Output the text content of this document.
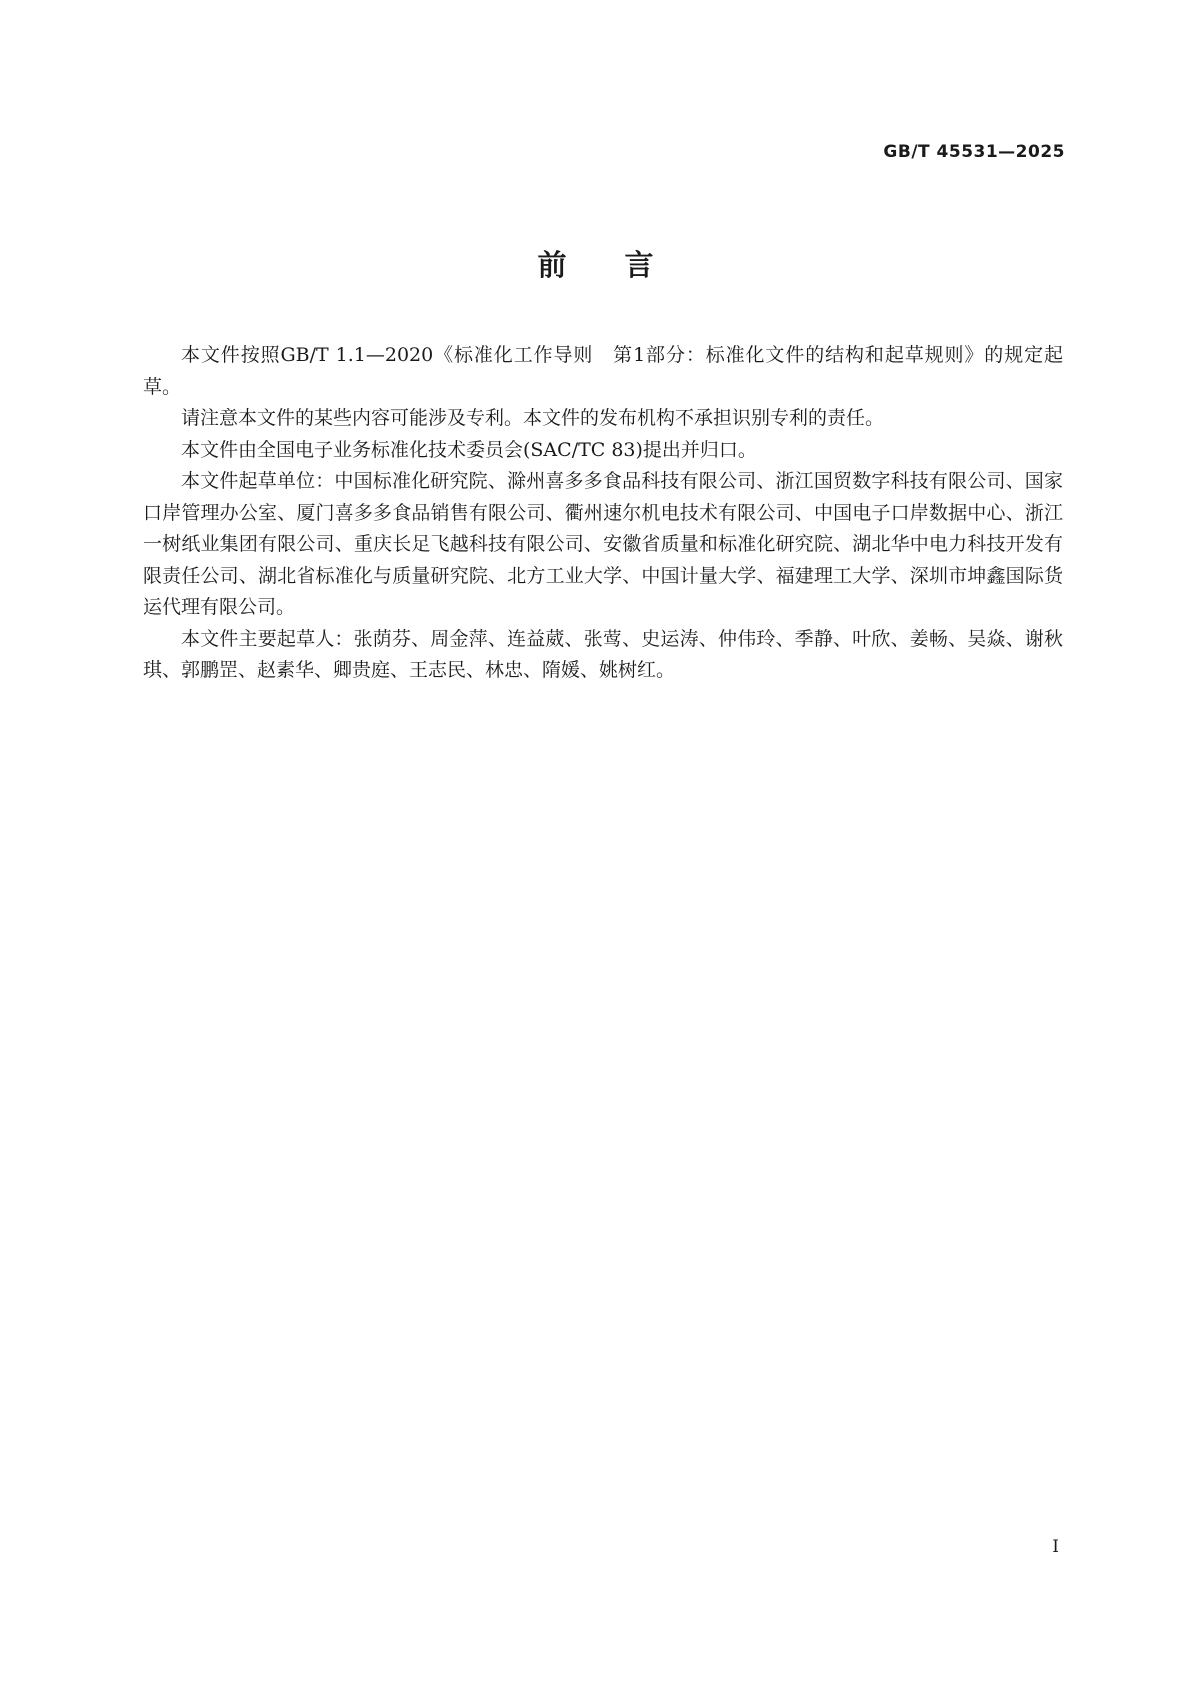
GB/T 45531—2025
前言

本文件按照GB/T 1.1—2020《标准化工作导则　第1部分：标准化文件的结构和起草规则》的规定起草。

请注意本文件的某些内容可能涉及专利。本文件的发布机构不承担识别专利的责任。

本文件由全国电子业务标准化技术委员会(SAC/TC 83)提出并归口。

本文件起草单位：中国标准化研究院、滁州喜多多食品科技有限公司、浙江国贸数字科技有限公司、国家口岸管理办公室、厦门喜多多食品销售有限公司、衢州速尔机电技术有限公司、中国电子口岸数据中心、浙江一树纸业集团有限公司、重庆长足飞越科技有限公司、安徽省质量和标准化研究院、湖北华中电力科技开发有限责任公司、湖北省标准化与质量研究院、北方工业大学、中国计量大学、福建理工大学、深圳市坤鑫国际货运代理有限公司。

本文件主要起草人：张荫芬、周金萍、连益葳、张莺、史运涛、仲伟玲、季静、叶欣、姜畅、吴焱、谢秋琪、郭鹏罡、赵素华、卿贵庭、王志民、林忠、隋媛、姚树红。

I
